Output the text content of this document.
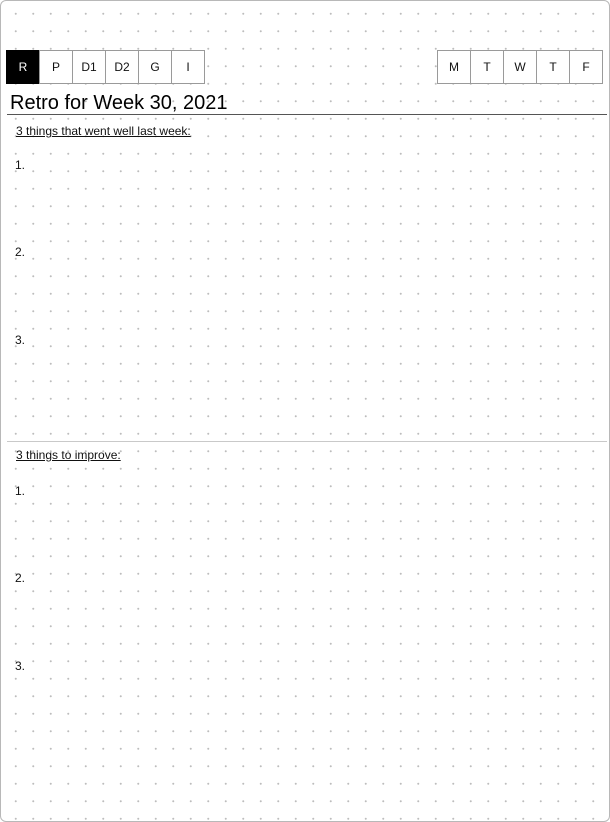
R	P	D1	D2	G	I	M	T	W	T	F
Retro for Week 30, 2021
3 things that went well last week:
1.
2.
3.
3 things to improve:
1.
2.
3.
